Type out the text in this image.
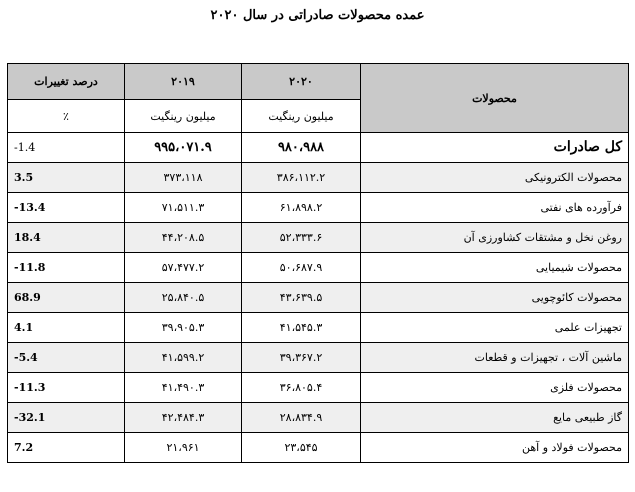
عمده محصولات صادراتی در سال ۲۰۲۰
محصولات	۲۰۲۰	۲۰۱۹	درصد تغییرات
	میلیون رینگیت	میلیون رینگیت	٪
کل صادرات	۹۸۰،۹۸۸	۹۹۵،۰۷۱.۹	-1.4
محصولات الکترونیکی	۳۸۶،۱۱۲.۲	۳۷۳،۱۱۸	3.5
فرآورده های نفتی	۶۱،۸۹۸.۲	۷۱،۵۱۱.۳	-13.4
روغن نخل و مشتقات کشاورزی آن	۵۲،۳۳۳.۶	۴۴،۲۰۸.۵	18.4
محصولات شیمیایی	۵۰،۶۸۷.۹	۵۷،۴۷۷.۲	-11.8
محصولات کائوچویی	۴۳،۶۳۹.۵	۲۵،۸۴۰.۵	68.9
تجهیزات علمی	۴۱،۵۴۵.۳	۳۹،۹۰۵.۳	4.1
ماشین آلات ، تجهیزات و قطعات	۳۹،۳۶۷.۲	۴۱،۵۹۹.۲	-5.4
محصولات فلزی	۳۶،۸۰۵.۴	۴۱،۴۹۰.۳	-11.3
گاز طبیعی مایع	۲۸،۸۳۴.۹	۴۲،۴۸۴.۳	-32.1
محصولات فولاد و آهن	۲۳،۵۴۵	۲۱،۹۶۱	7.2
